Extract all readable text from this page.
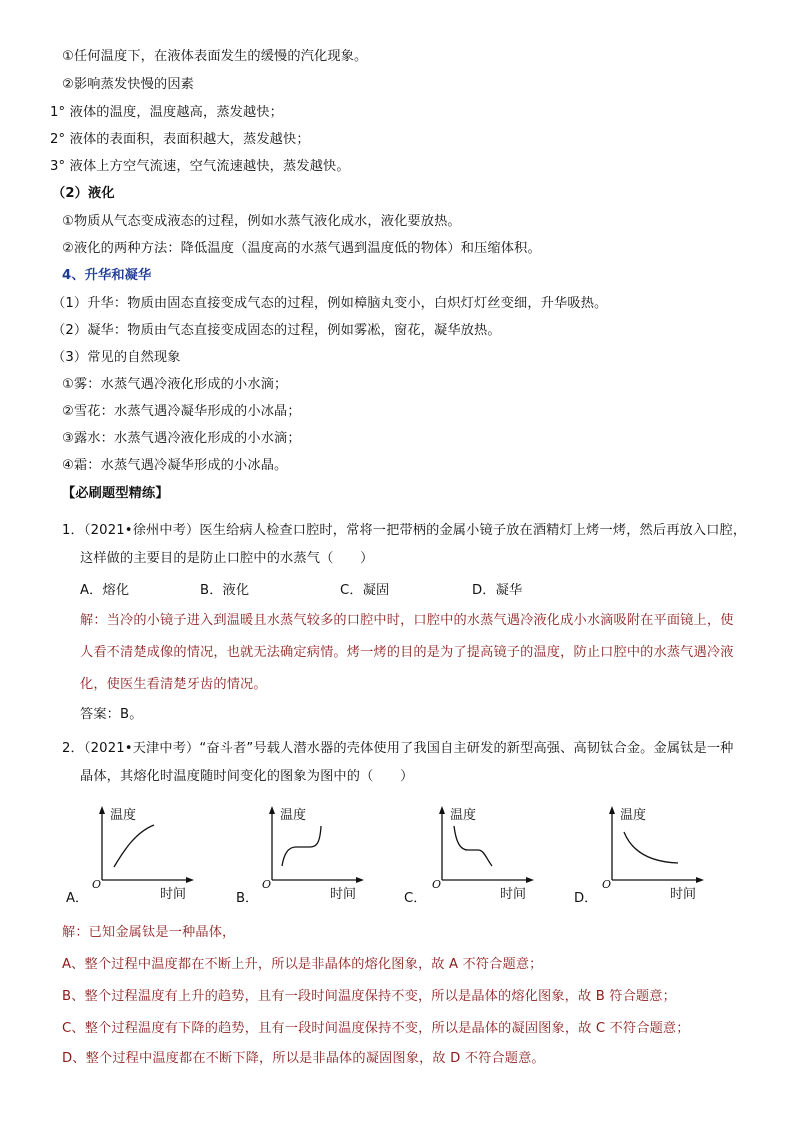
①任何温度下，在液体表面发生的缓慢的汽化现象。
②影响蒸发快慢的因素
1° 液体的温度，温度越高，蒸发越快；
2° 液体的表面积，表面积越大，蒸发越快；
3° 液体上方空气流速，空气流速越快，蒸发越快。
（2）液化
①物质从气态变成液态的过程，例如水蒸气液化成水，液化要放热。
②液化的两种方法：降低温度（温度高的水蒸气遇到温度低的物体）和压缩体积。
4、升华和凝华
（1）升华：物质由固态直接变成气态的过程，例如樟脑丸变小，白炽灯灯丝变细，升华吸热。
（2）凝华：物质由气态直接变成固态的过程，例如雾凇，窗花，凝华放热。
（3）常见的自然现象
①雾：水蒸气遇冷液化形成的小水滴；
②雪花：水蒸气遇冷凝华形成的小冰晶；
③露水：水蒸气遇冷液化形成的小水滴；
④霜：水蒸气遇冷凝华形成的小冰晶。
【必刷题型精练】
1．（2021•徐州中考）医生给病人检查口腔时，常将一把带柄的金属小镜子放在酒精灯上烤一烤，然后再放入口腔，
这样做的主要目的是防止口腔中的水蒸气（　　）
A．熔化	B．液化	C．凝固	D．凝华
解：当冷的小镜子进入到温暖且水蒸气较多的口腔中时，口腔中的水蒸气遇冷液化成小水滴吸附在平面镜上，使
人看不清楚成像的情况，也就无法确定病情。烤一烤的目的是为了提高镜子的温度，防止口腔中的水蒸气遇冷液
化，使医生看清楚牙齿的情况。
答案：B。
2．（2021•天津中考）“奋斗者”号载人潜水器的壳体使用了我国自主研发的新型高强、高韧钛合金。金属钛是一种
晶体，其熔化时温度随时间变化的图象为图中的（　　）
A．
温度
O
时间	B．
温度
O
时间	C．
温度
O
时间	D．
温度
O
时间
解：已知金属钛是一种晶体，
A、整个过程中温度都在不断上升，所以是非晶体的熔化图象，故 A 不符合题意；
B、整个过程温度有上升的趋势，且有一段时间温度保持不变，所以是晶体的熔化图象，故 B 符合题意；
C、整个过程温度有下降的趋势，且有一段时间温度保持不变，所以是晶体的凝固图象，故 C 不符合题意；
D、整个过程中温度都在不断下降，所以是非晶体的凝固图象，故 D 不符合题意。
